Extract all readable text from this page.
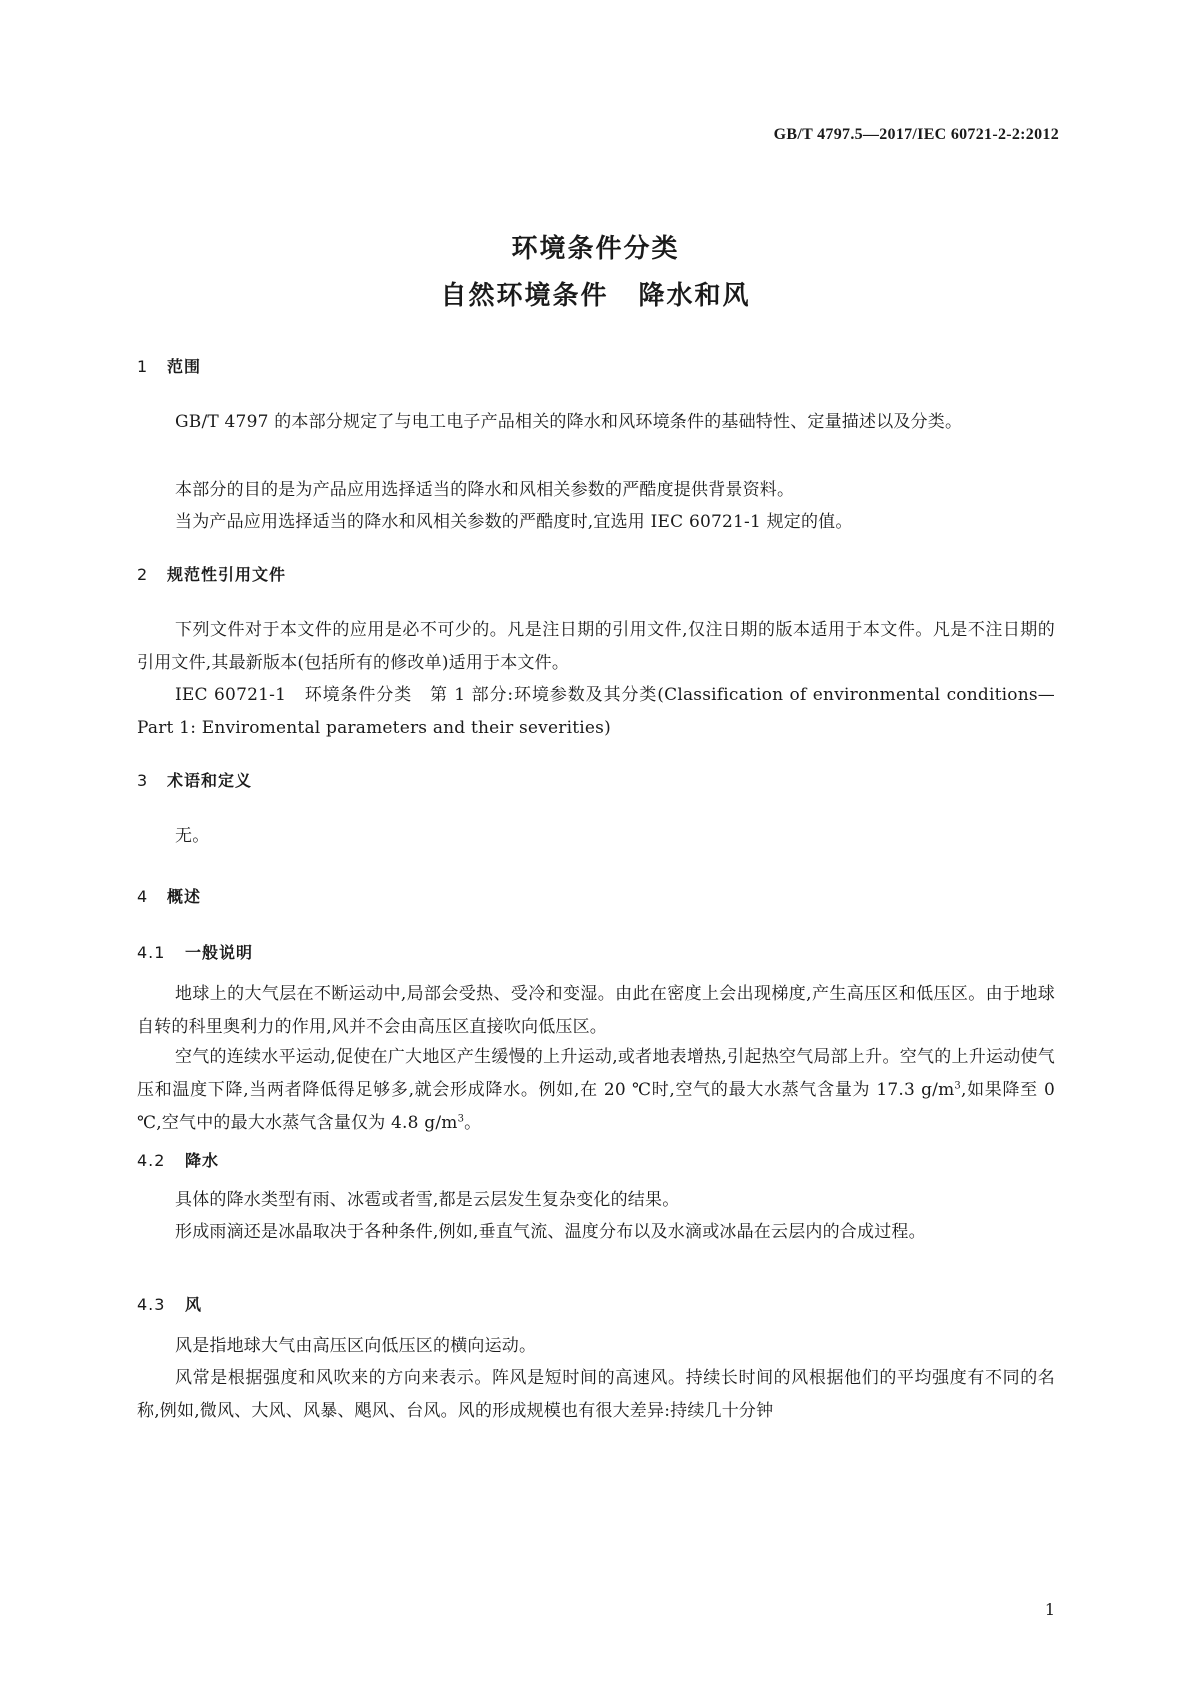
GB/T 4797.5—2017/IEC 60721-2-2:2012
环境条件分类
自然环境条件 降水和风
1 范围
GB/T 4797 的本部分规定了与电工电子产品相关的降水和风环境条件的基础特性、定量描述以及分类。
本部分的目的是为产品应用选择适当的降水和风相关参数的严酷度提供背景资料。
当为产品应用选择适当的降水和风相关参数的严酷度时,宜选用 IEC 60721-1 规定的值。
2 规范性引用文件
下列文件对于本文件的应用是必不可少的。凡是注日期的引用文件,仅注日期的版本适用于本文件。凡是不注日期的引用文件,其最新版本(包括所有的修改单)适用于本文件。
IEC 60721-1　环境条件分类　第 1 部分:环境参数及其分类(Classification of environmental conditions—Part 1: Enviromental parameters and their severities)
3 术语和定义
无。
4 概述
4.1 一般说明
地球上的大气层在不断运动中,局部会受热、受冷和变湿。由此在密度上会出现梯度,产生高压区和低压区。由于地球自转的科里奥利力的作用,风并不会由高压区直接吹向低压区。
空气的连续水平运动,促使在广大地区产生缓慢的上升运动,或者地表增热,引起热空气局部上升。空气的上升运动使气压和温度下降,当两者降低得足够多,就会形成降水。例如,在 20 ℃时,空气的最大水蒸气含量为 17.3 $g/m^3$,如果降至 0 ℃,空气中的最大水蒸气含量仅为 4.8 $g/m^3$。
4.2 降水
具体的降水类型有雨、冰雹或者雪,都是云层发生复杂变化的结果。
形成雨滴还是冰晶取决于各种条件,例如,垂直气流、温度分布以及水滴或冰晶在云层内的合成过程。
4.3 风
风是指地球大气由高压区向低压区的横向运动。
风常是根据强度和风吹来的方向来表示。阵风是短时间的高速风。持续长时间的风根据他们的平均强度有不同的名称,例如,微风、大风、风暴、飓风、台风。风的形成规模也有很大差异:持续几十分钟
1
